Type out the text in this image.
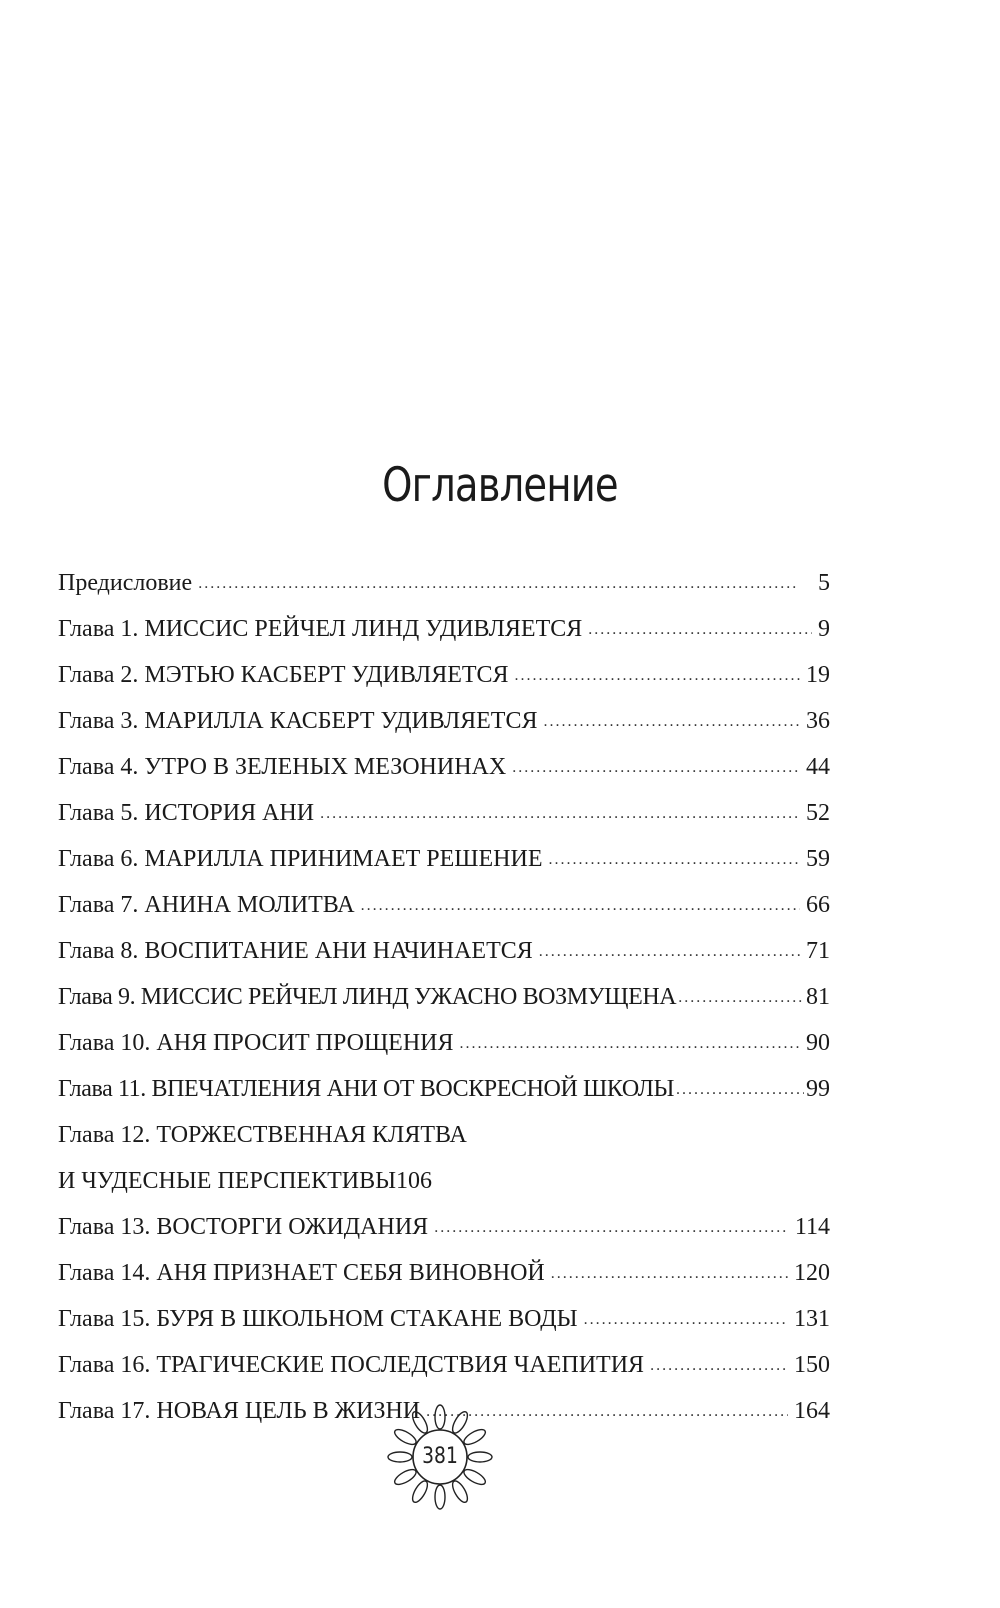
Оглавление
Предисловие . . .	5
Глава 1. МИССИС РЕЙЧЕЛ ЛИНД УДИВЛЯЕТСЯ . . .	9
Глава 2. МЭТЬЮ КАСБЕРТ УДИВЛЯЕТСЯ . . .	19
Глава 3. МАРИЛЛА КАСБЕРТ УДИВЛЯЕТСЯ . . .	36
Глава 4. УТРО В ЗЕЛЕНЫХ МЕЗОНИНАХ . . .	44
Глава 5. ИСТОРИЯ АНИ . . .	52
Глава 6. МАРИЛЛА ПРИНИМАЕТ РЕШЕНИЕ . . .	59
Глава 7. АНИНА МОЛИТВА . . .	66
Глава 8. ВОСПИТАНИЕ АНИ НАЧИНАЕТСЯ . . .	71
Глава 9. МИССИС РЕЙЧЕЛ ЛИНД УЖАСНО ВОЗМУЩЕНА . . .	81
Глава 10. АНЯ ПРОСИТ ПРОЩЕНИЯ . . .	90
Глава 11. ВПЕЧАТЛЕНИЯ АНИ ОТ ВОСКРЕСНОЙ ШКОЛЫ . . .	99
Глава 12. ТОРЖЕСТВЕННАЯ КЛЯТВА
И ЧУДЕСНЫЕ ПЕРСПЕКТИВЫ 106
Глава 13. ВОСТОРГИ ОЖИДАНИЯ . . .	114
Глава 14. АНЯ ПРИЗНАЕТ СЕБЯ ВИНОВНОЙ . . .	120
Глава 15. БУРЯ В ШКОЛЬНОМ СТАКАНЕ ВОДЫ . . .	131
Глава 16. ТРАГИЧЕСКИЕ ПОСЛЕДСТВИЯ ЧАЕПИТИЯ . . .	150
Глава 17. НОВАЯ ЦЕЛЬ В ЖИЗНИ . . .	164
381
